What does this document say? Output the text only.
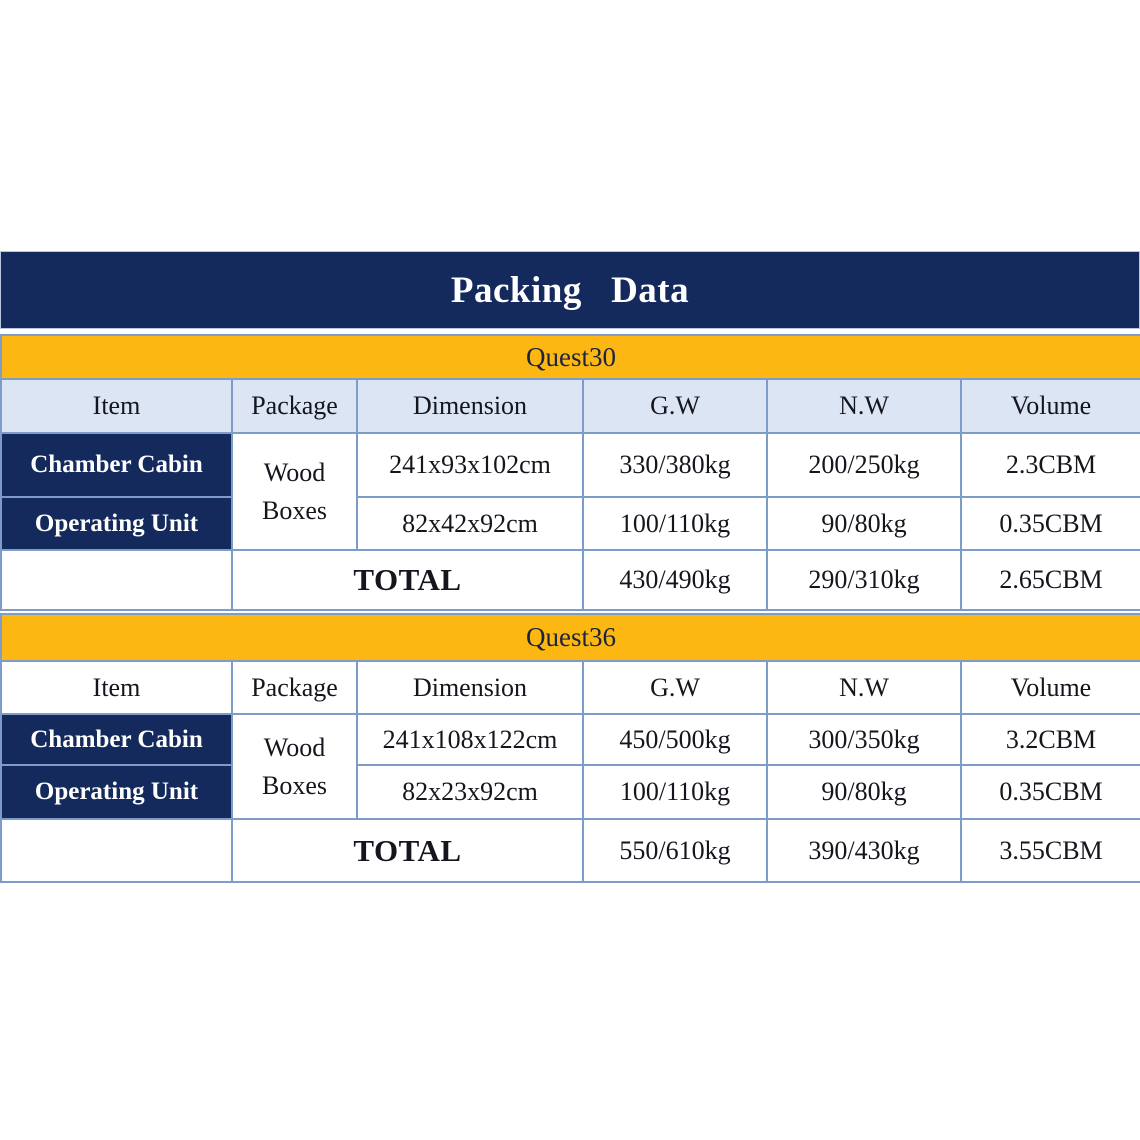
Packing   Data
Quest30					
Item	Package	Dimension	G.W	N.W	Volume
Chamber Cabin	Wood Boxes	241x93x102cm	330/380kg	200/250kg	2.3CBM
Operating Unit		82x42x92cm	100/110kg	90/80kg	0.35CBM
	TOTAL		430/490kg	290/310kg	2.65CBM
Quest36					
Item	Package	Dimension	G.W	N.W	Volume
Chamber Cabin	Wood Boxes	241x108x122cm	450/500kg	300/350kg	3.2CBM
Operating Unit		82x23x92cm	100/110kg	90/80kg	0.35CBM
	TOTAL		550/610kg	390/430kg	3.55CBM
